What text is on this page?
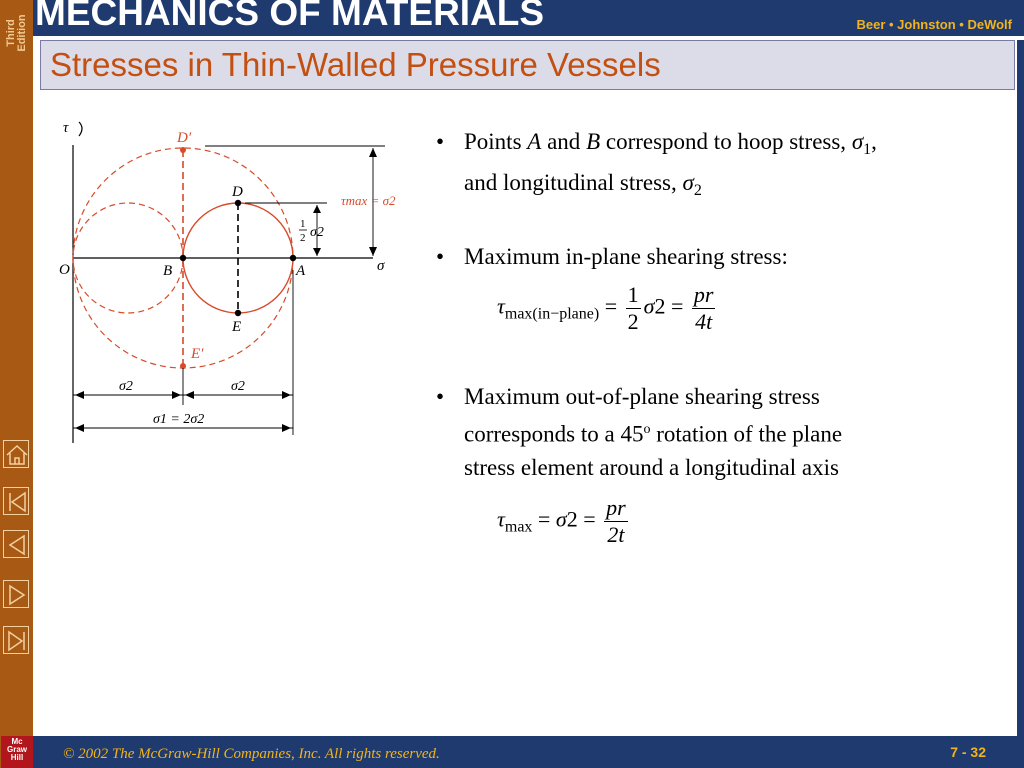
Third Edition
Mc
Graw
Hill
MECHANICS OF MATERIALS	Beer • Johnston • DeWolf
Stresses in Thin-Walled Pressure Vessels
τ
σ
O	B	A
D
E
D′
E′
τmax = σ2
1
2 σ2
σ2	σ2
σ1 = 2σ2
• Points A and B correspond to hoop stress, $\sigma_1$,
and longitudinal stress, $\sigma_2$
• Maximum in-plane shearing stress:
• Maximum out-of-plane shearing stress
corresponds to a 45$^o$ rotation of the plane
stress element around a longitudinal axis
$\tau_{max(in-plane)} = \frac{1}{2} \sigma 2 = \frac{pr}{4t}$
$\tau_{max} = \sigma 2 = \frac{pr}{2t}$
© 2002 The McGraw-Hill Companies, Inc. All rights reserved.	7 - 32
